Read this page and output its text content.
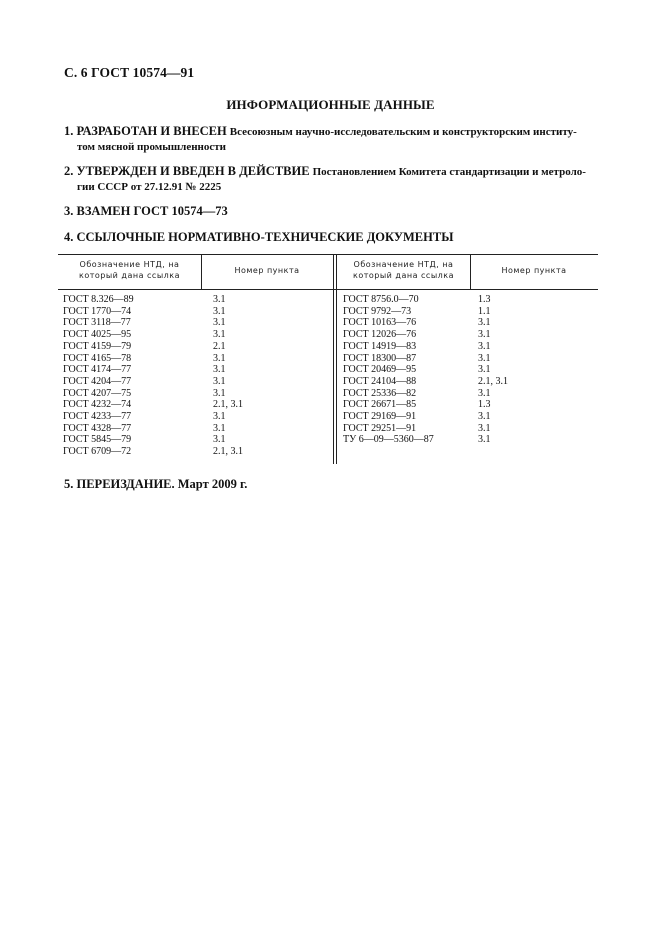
С. 6 ГОСТ 10574—91
ИНФОРМАЦИОННЫЕ ДАННЫЕ
1. РАЗРАБОТАН И ВНЕСЕН Всесоюзным научно-исследовательским и конструкторским институ-
том мясной промышленности
2. УТВЕРЖДЕН И ВВЕДЕН В ДЕЙСТВИЕ Постановлением Комитета стандартизации и метроло-
гии СССР от 27.12.91 № 2225
3. ВЗАМЕН ГОСТ 10574—73
4. ССЫЛОЧНЫЕ НОРМАТИВНО-ТЕХНИЧЕСКИЕ ДОКУМЕНТЫ
Обозначение НТД, на
который дана ссылка
Номер пункта
Обозначение НТД, на
который дана ссылка
Номер пункта
ГОСТ 8.326—89
ГОСТ 1770—74
ГОСТ 3118—77
ГОСТ 4025—95
ГОСТ 4159—79
ГОСТ 4165—78
ГОСТ 4174—77
ГОСТ 4204—77
ГОСТ 4207—75
ГОСТ 4232—74
ГОСТ 4233—77
ГОСТ 4328—77
ГОСТ 5845—79
ГОСТ 6709—72
3.1
3.1
3.1
3.1
2.1
3.1
3.1
3.1
3.1
2.1, 3.1
3.1
3.1
3.1
2.1, 3.1
ГОСТ 8756.0—70
ГОСТ 9792—73
ГОСТ 10163—76
ГОСТ 12026—76
ГОСТ 14919—83
ГОСТ 18300—87
ГОСТ 20469—95
ГОСТ 24104—88
ГОСТ 25336—82
ГОСТ 26671—85
ГОСТ 29169—91
ГОСТ 29251—91
ТУ 6—09—5360—87
1.3
1.1
3.1
3.1
3.1
3.1
3.1
2.1, 3.1
3.1
1.3
3.1
3.1
3.1
5. ПЕРЕИЗДАНИЕ. Март 2009 г.
